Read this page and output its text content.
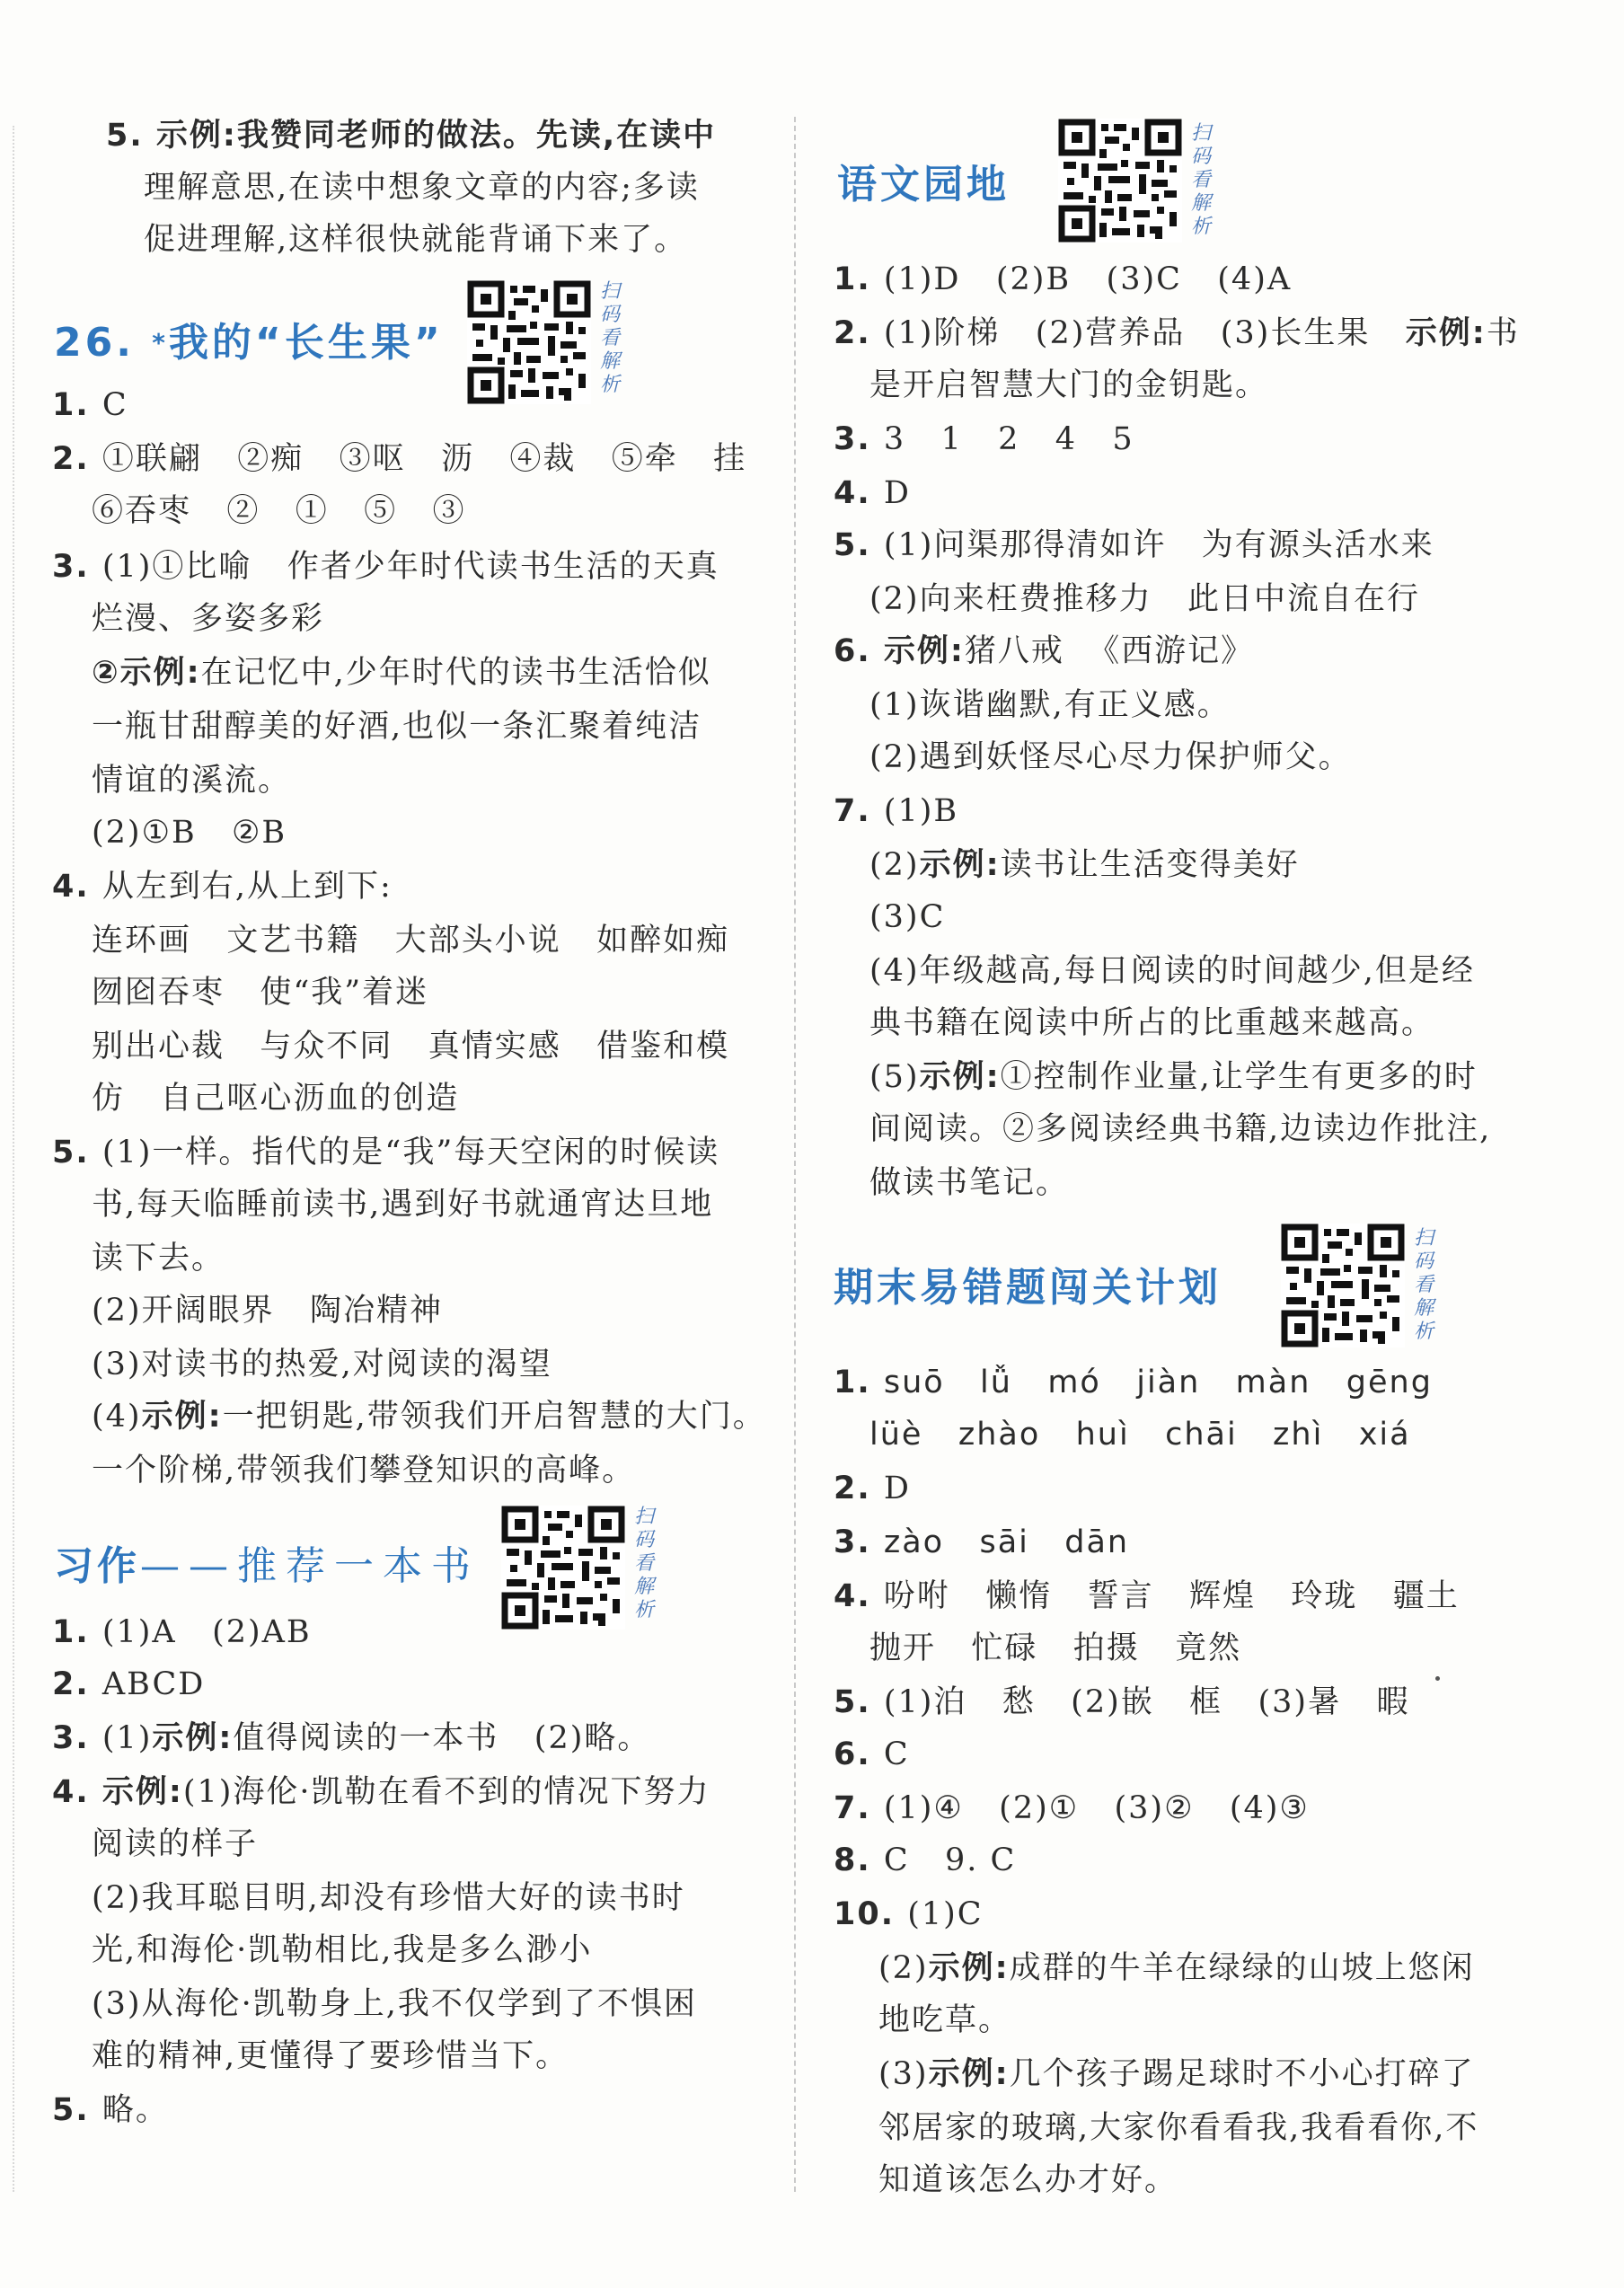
5. 示例:我赞同老师的做法。先读,在读中
理解意思,在读中想象文章的内容;多读
促进理解,这样很快就能背诵下来了。
26. *我的“长生果”
扫码看解析
1. C
2. ①联翩   ②痴   ③呕   沥   ④裁   ⑤牵   挂
⑥吞枣   ②   ①   ⑤   ③
3. (1)①比喻   作者少年时代读书生活的天真
烂漫、多姿多彩
②示例:在记忆中,少年时代的读书生活恰似
一瓶甘甜醇美的好酒,也似一条汇聚着纯洁
情谊的溪流。
(2)①B   ②B
4. 从左到右,从上到下:
连环画   文艺书籍   大部头小说   如醉如痴
囫囵吞枣   使“我”着迷
别出心裁   与众不同   真情实感   借鉴和模
仿   自己呕心沥血的创造
5. (1)一样。指代的是“我”每天空闲的时候读
书,每天临睡前读书,遇到好书就通宵达旦地
读下去。
(2)开阔眼界   陶冶精神
(3)对读书的热爱,对阅读的渴望
(4)示例:一把钥匙,带领我们开启智慧的大门。
一个阶梯,带领我们攀登知识的高峰。
习作——推荐一本书
扫码看解析
1. (1)A   (2)AB
2. ABCD
3. (1)示例:值得阅读的一本书   (2)略。
4. 示例:(1)海伦·凯勒在看不到的情况下努力
阅读的样子
(2)我耳聪目明,却没有珍惜大好的读书时
光,和海伦·凯勒相比,我是多么渺小
(3)从海伦·凯勒身上,我不仅学到了不惧困
难的精神,更懂得了要珍惜当下。
5. 略。
语文园地
扫码看解析
1. (1)D   (2)B   (3)C   (4)A
2. (1)阶梯   (2)营养品   (3)长生果   示例:书
是开启智慧大门的金钥匙。
3. 3   1   2   4   5
4. D
5. (1)问渠那得清如许   为有源头活水来
(2)向来枉费推移力   此日中流自在行
6. 示例:猪八戒  《西游记》
(1)诙谐幽默,有正义感。
(2)遇到妖怪尽心尽力保护师父。
7. (1)B
(2)示例:读书让生活变得美好
(3)C
(4)年级越高,每日阅读的时间越少,但是经
典书籍在阅读中所占的比重越来越高。
(5)示例:①控制作业量,让学生有更多的时
间阅读。②多阅读经典书籍,边读边作批注,
做读书笔记。
期末易错题闯关计划
扫码看解析
1. suō   lǚ   mó   jiàn   màn   gēng
lüè   zhào   huì   chāi   zhì   xiá
2. D
3. zào   sāi   dān
4. 吩咐   懒惰   誓言   辉煌   玲珑   疆土
抛开   忙碌   拍摄   竟然
5. (1)泊   愁   (2)嵌   框   (3)暑   暇
6. C
7. (1)④   (2)①   (3)②   (4)③
8. C   9. C
10. (1)C
(2)示例:成群的牛羊在绿绿的山坡上悠闲
地吃草。
(3)示例:几个孩子踢足球时不小心打碎了
邻居家的玻璃,大家你看看我,我看看你,不
知道该怎么办才好。
